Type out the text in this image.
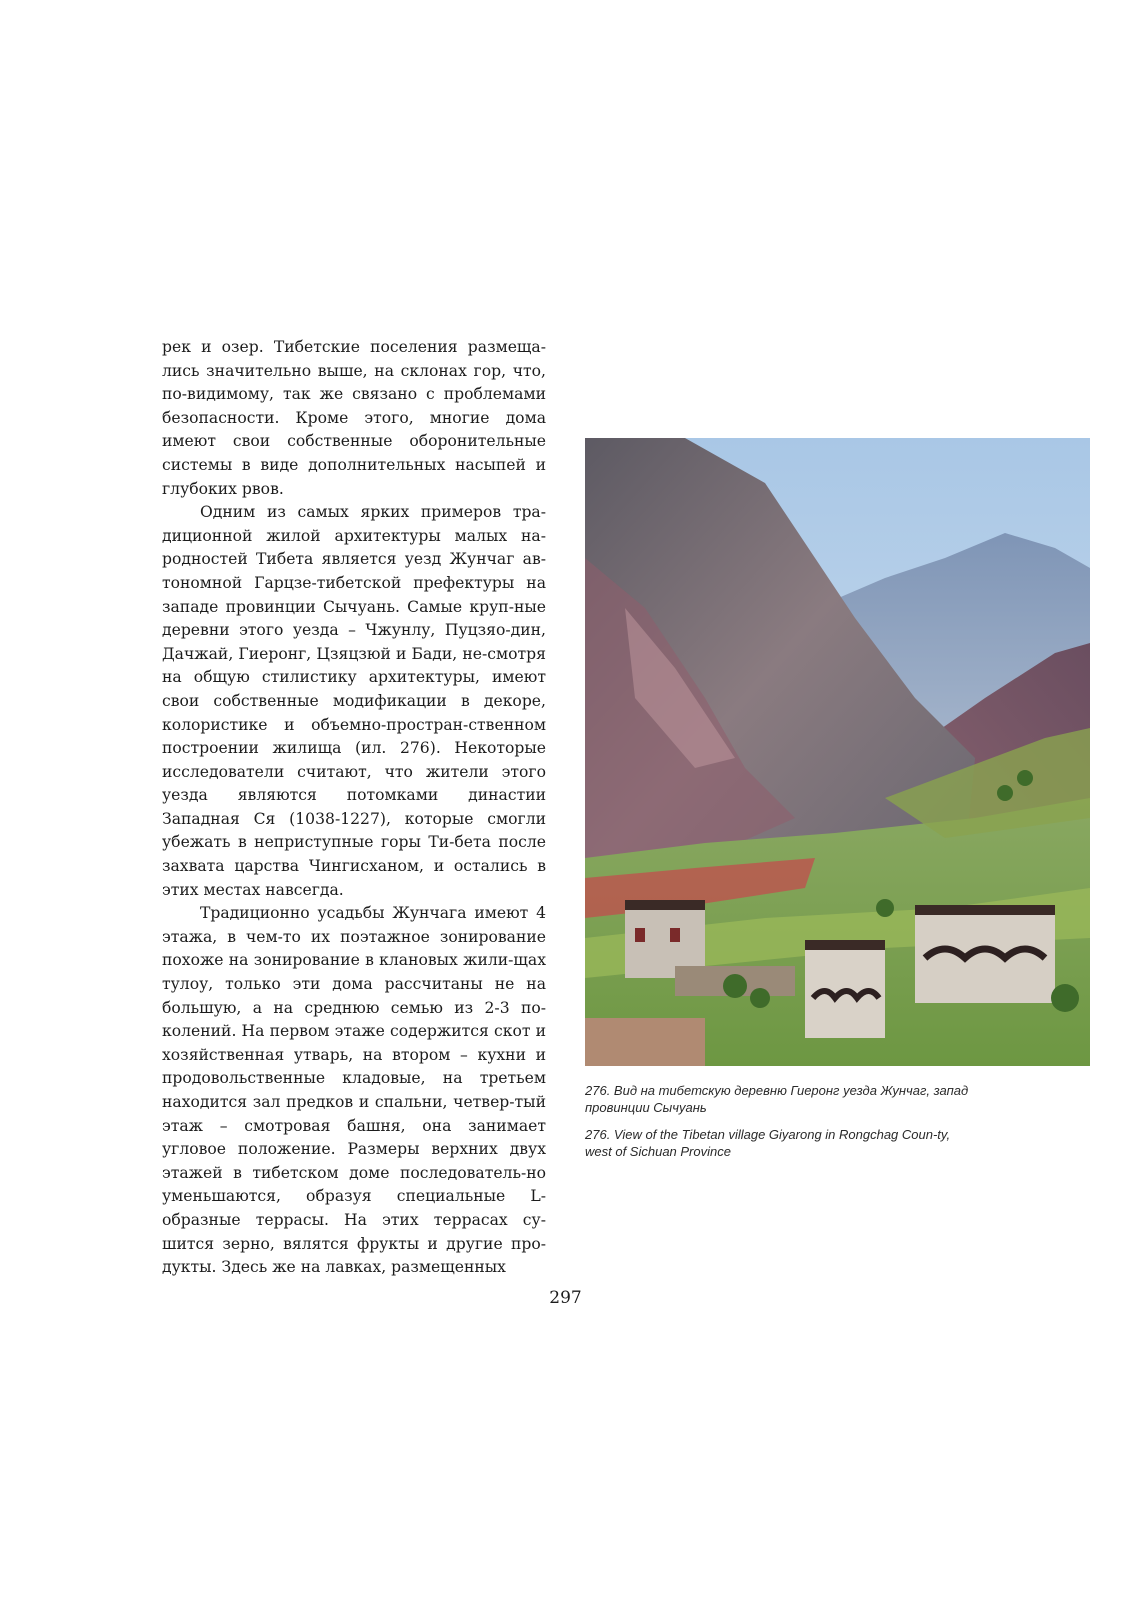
рек и озер. Тибетские поселения размеща-лись значительно выше, на склонах гор, что, по-видимому, так же связано с проблемами безопасности. Кроме этого, многие дома имеют свои собственные оборонительные системы в виде дополнительных насыпей и глубоких рвов.

Одним из самых ярких примеров тра-диционной жилой архитектуры малых на-родностей Тибета является уезд Жунчаг ав-тономной Гарцзе-тибетской префектуры на западе провинции Сычуань. Самые круп-ные деревни этого уезда – Чжунлу, Пуцзяо-дин, Дачжай, Гиеронг, Цзяцзюй и Бади, не-смотря на общую стилистику архитектуры, имеют свои собственные модификации в декоре, колористике и объемно-простран-ственном построении жилища (ил. 276). Некоторые исследователи считают, что жители этого уезда являются потомками династии Западная Ся (1038-1227), которые смогли убежать в неприступные горы Ти-бета после захвата царства Чингисханом, и остались в этих местах навсегда.

Традиционно усадьбы Жунчага имеют 4 этажа, в чем-то их поэтажное зонирование похоже на зонирование в клановых жили-щах тулоу, только эти дома рассчитаны не на большую, а на среднюю семью из 2-3 по-колений. На первом этаже содержится скот и хозяйственная утварь, на втором – кухни и продовольственные кладовые, на третьем находится зал предков и спальни, четвер-тый этаж – смотровая башня, она занимает угловое положение. Размеры верхних двух этажей в тибетском доме последователь-но уменьшаются, образуя специальные L-образные террасы. На этих террасах су-шится зерно, вялятся фрукты и другие про-дукты. Здесь же на лавках, размещенных

276. Вид на тибетскую деревню Гиеронг уезда Жунчаг, запад провинции Сычуань
276. View of the Tibetan village Giyarong in Rongchag Coun-ty, west of Sichuan Province
297
